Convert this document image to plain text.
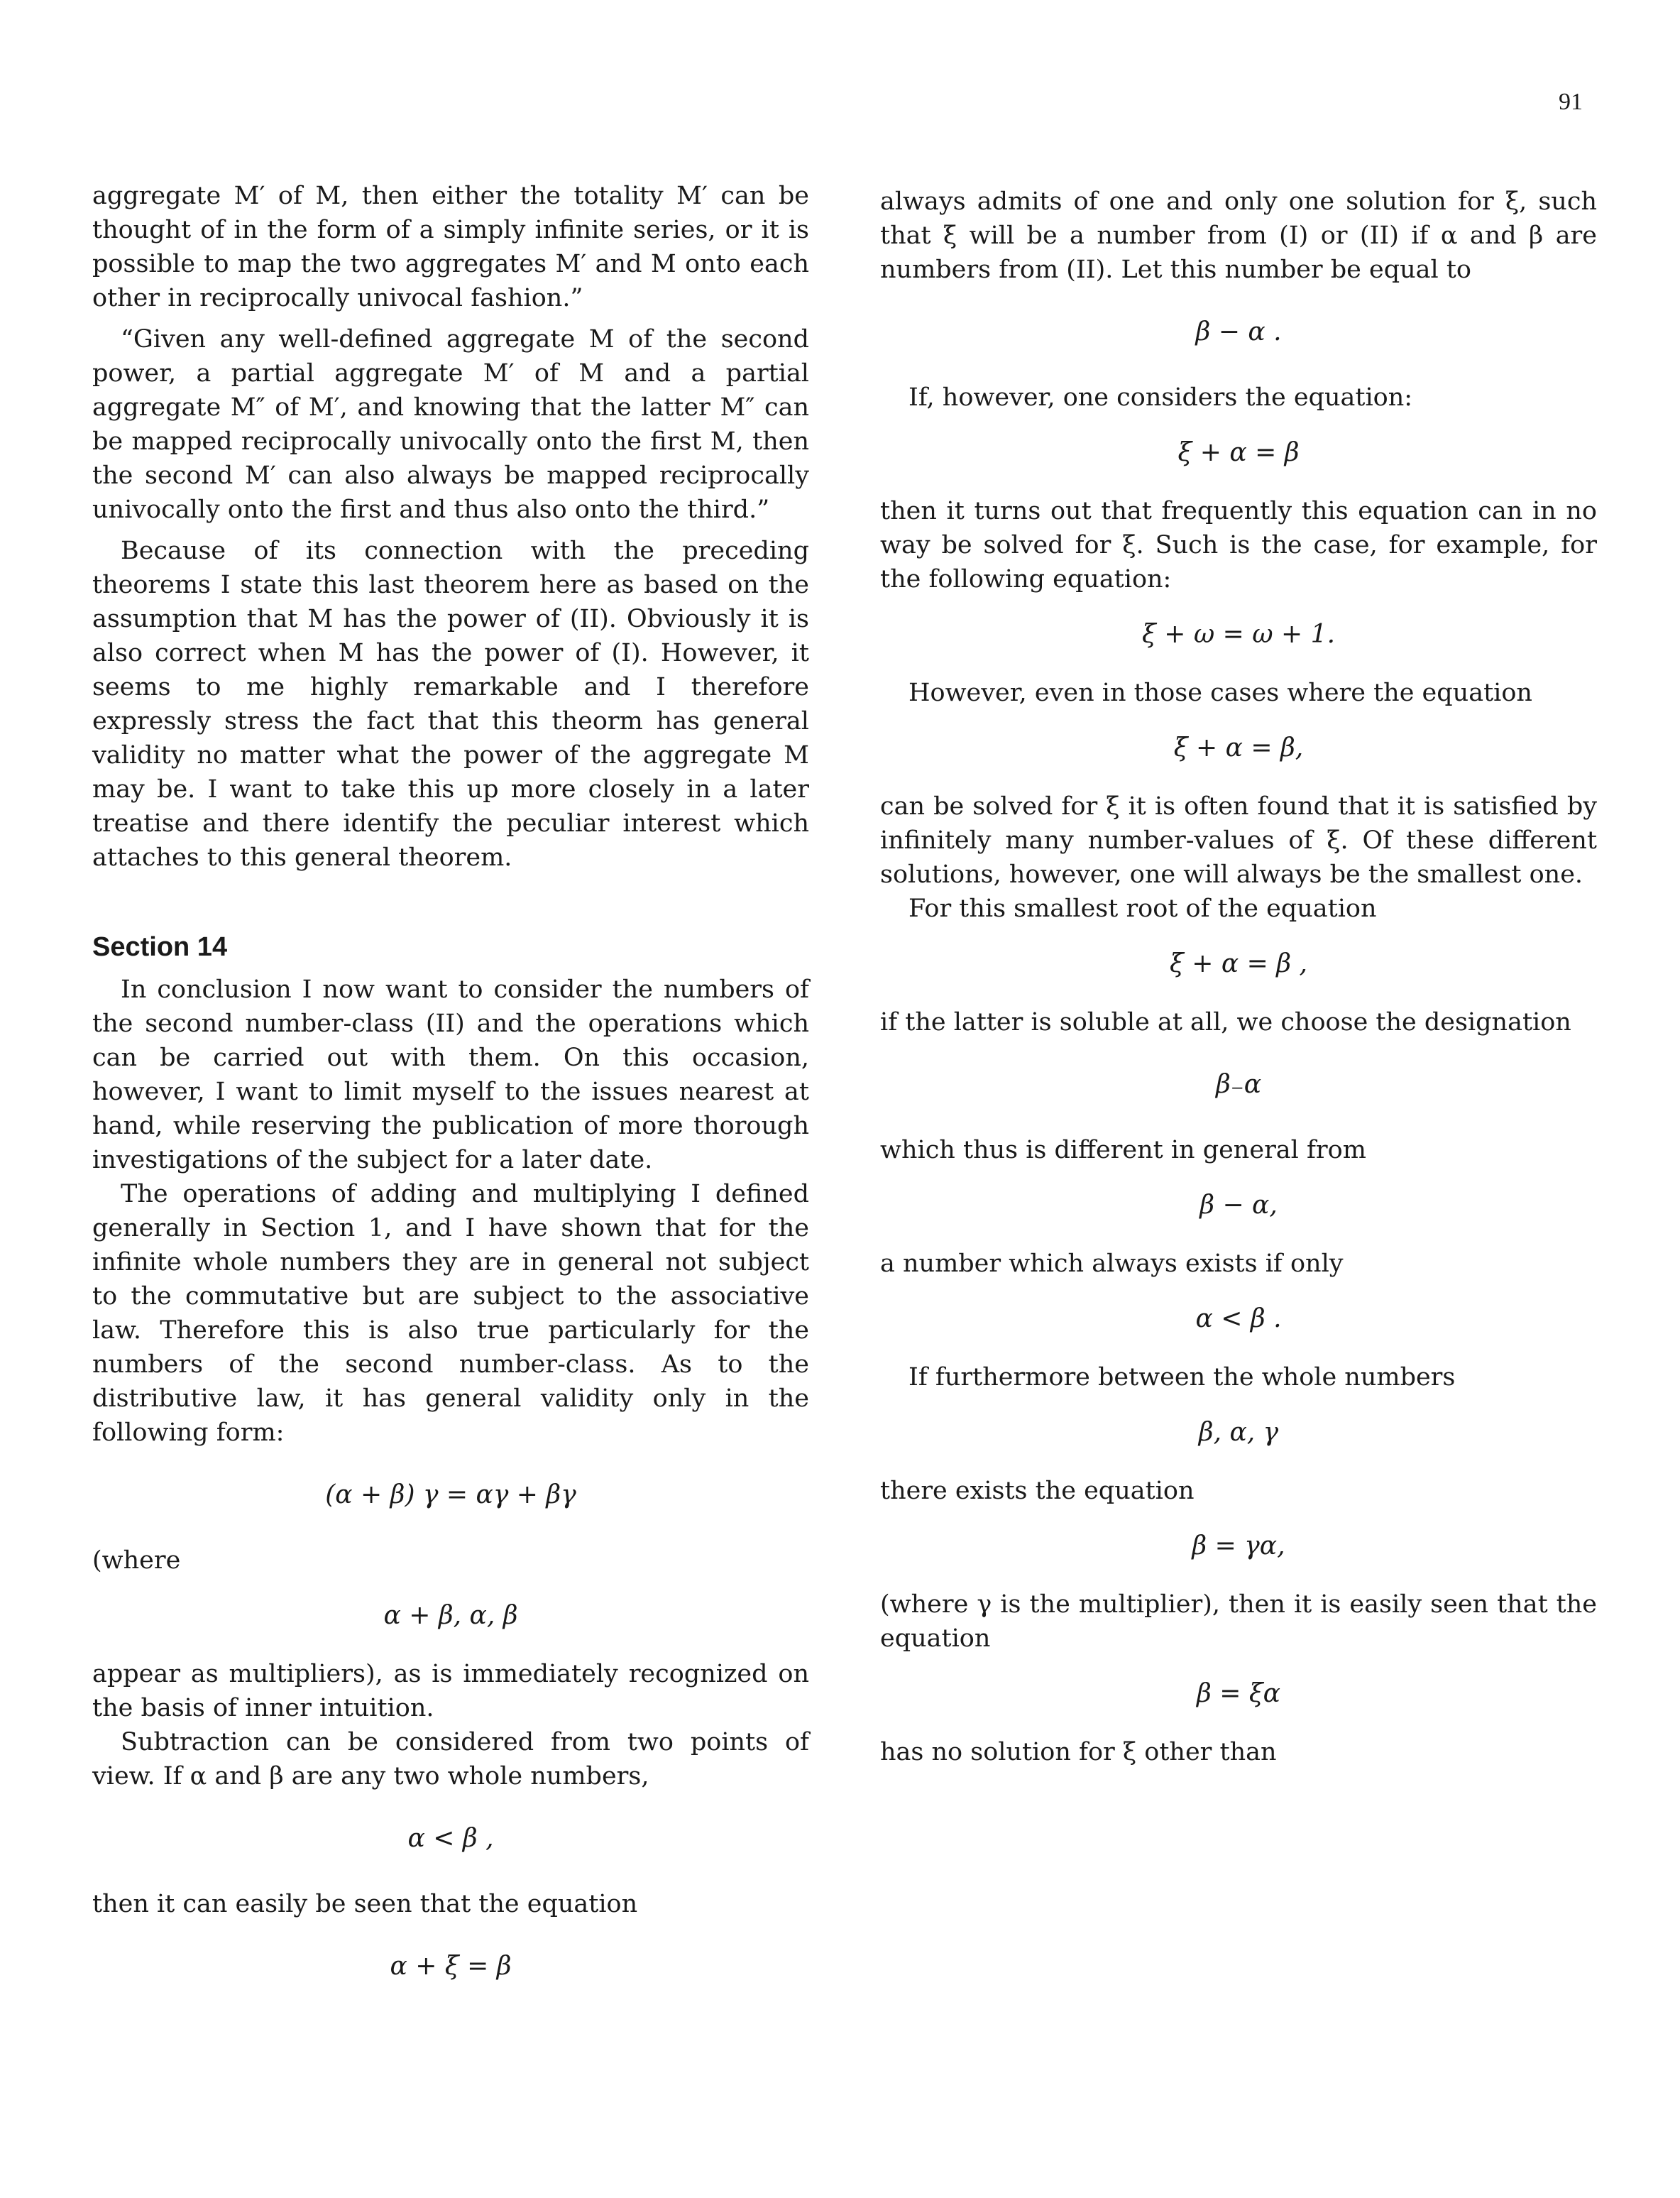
91

aggregate M′ of M, then either the totality M′ can be thought of in the form of a simply infinite series, or it is possible to map the two aggregates M′ and M onto each other in reciprocally univocal fashion.”

“Given any well-defined aggregate M of the second power, a partial aggregate M′ of M and a partial aggregate M″ of M′, and knowing that the latter M″ can be mapped reciprocally univocally onto the first M, then the second M′ can also always be mapped reciprocally univocally onto the first and thus also onto the third.”

Because of its connection with the preceding theorems I state this last theorem here as based on the assumption that M has the power of (II). Obviously it is also correct when M has the power of (I). However, it seems to me highly remarkable and I therefore expressly stress the fact that this theorm has general validity no matter what the power of the aggregate M may be. I want to take this up more closely in a later treatise and there identify the peculiar interest which attaches to this general theorem.

Section 14

In conclusion I now want to consider the numbers of the second number-class (II) and the operations which can be carried out with them. On this occasion, however, I want to limit myself to the issues nearest at hand, while reserving the publication of more thorough investigations of the subject for a later date.

The operations of adding and multiplying I defined generally in Section 1, and I have shown that for the infinite whole numbers they are in general not subject to the commutative but are subject to the associative law. Therefore this is also true particularly for the numbers of the second number-class. As to the distributive law, it has general validity only in the following form:

(α + β) γ = αγ + βγ
(where
α + β, α, β

appear as multipliers), as is immediately recognized on the basis of inner intuition.

Subtraction can be considered from two points of view. If α and β are any two whole numbers,

α < β ,

then it can easily be seen that the equation

α + ξ = β

always admits of one and only one solution for ξ, such that ξ will be a number from (I) or (II) if α and β are numbers from (II). Let this number be equal to

β − α .

If, however, one considers the equation:

ξ + α = β

then it turns out that frequently this equation can in no way be solved for ξ. Such is the case, for example, for the following equation:

ξ + ω = ω + 1.

However, even in those cases where the equation

ξ + α = β,

can be solved for ξ it is often found that it is satisfied by infinitely many number-values of ξ. Of these different solutions, however, one will always be the smallest one.

For this smallest root of the equation

ξ + α = β ,

if the latter is soluble at all, we choose the designation

β₋α

which thus is different in general from

β − α,

a number which always exists if only

α < β .

If furthermore between the whole numbers

β, α, γ

there exists the equation

β = γα,

(where γ is the multiplier), then it is easily seen that the equation

β = ξα

has no solution for ξ other than
